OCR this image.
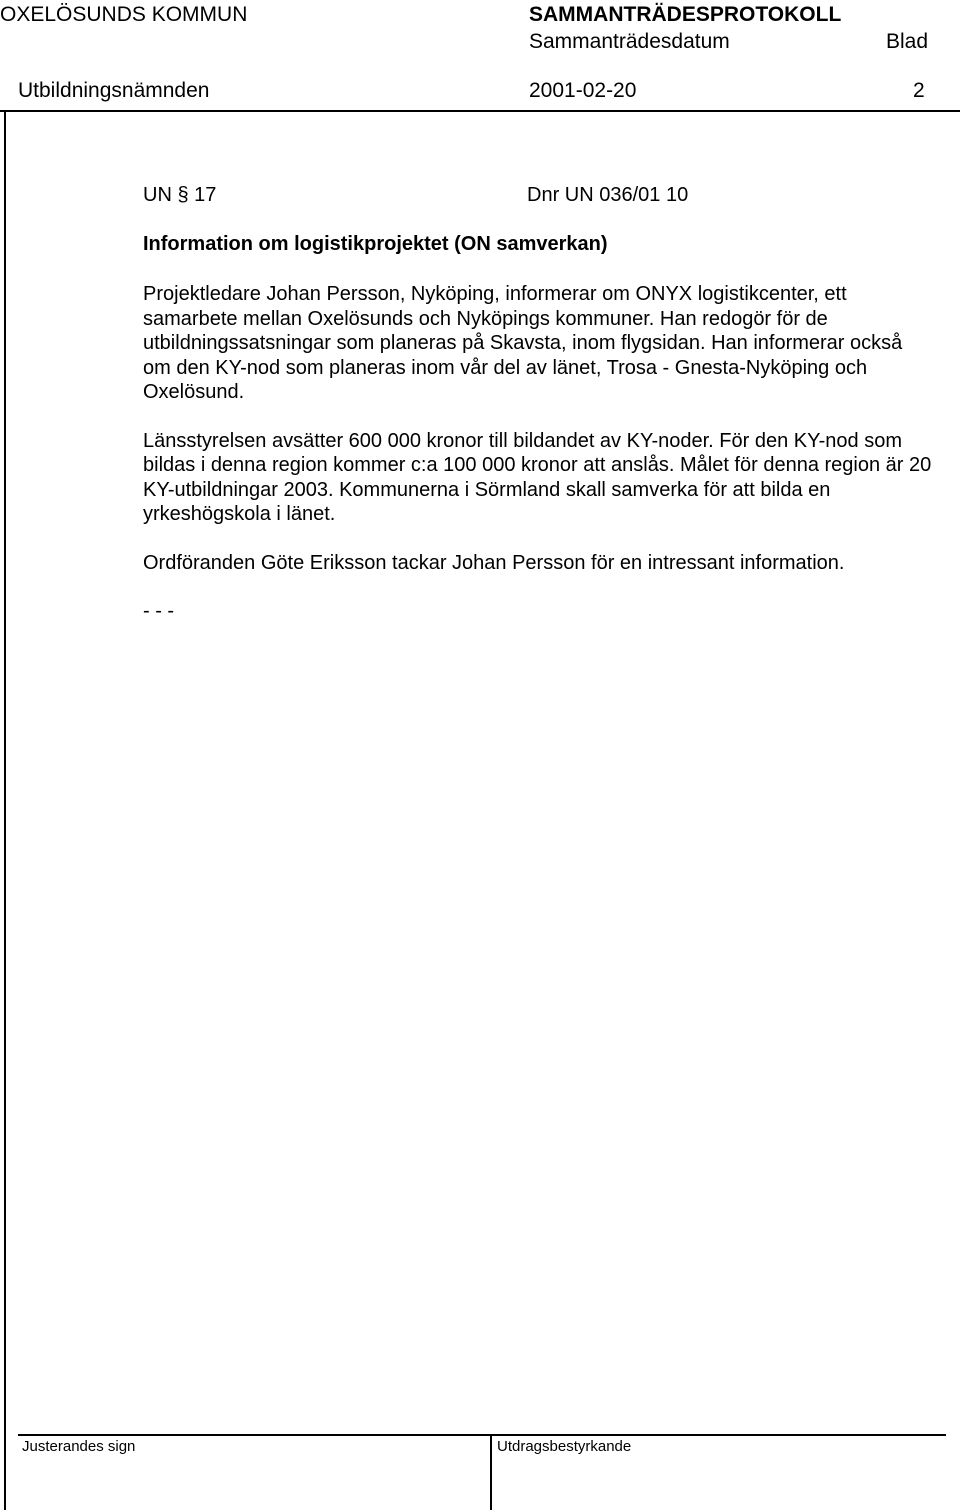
OXELÖSUNDS KOMMUN	SAMMANTRÄDESPROTOKOLL
Sammanträdesdatum	Blad
Utbildningsnämnden	2001-02-20	2
UN § 17	Dnr UN 036/01 10
Information om logistikprojektet (ON samverkan)

Projektledare Johan Persson, Nyköping, informerar om ONYX logistikcenter, ett samarbete mellan Oxelösunds och Nyköpings kommuner. Han redogör för de utbildningssatsningar som planeras på Skavsta, inom flygsidan. Han informerar också om den KY-nod som planeras inom vår del av länet, Trosa - Gnesta-Nyköping och Oxelösund.

Länsstyrelsen avsätter 600 000 kronor till bildandet av KY-noder. För den KY-nod som bildas i denna region kommer c:a 100 000 kronor att anslås. Målet för denna region är 20 KY-utbildningar 2003. Kommunerna i Sörmland skall samverka för att bilda en yrkeshögskola i länet.

Ordföranden Göte Eriksson tackar Johan Persson för en intressant information.

- - -

Justerandes sign	Utdragsbestyrkande
